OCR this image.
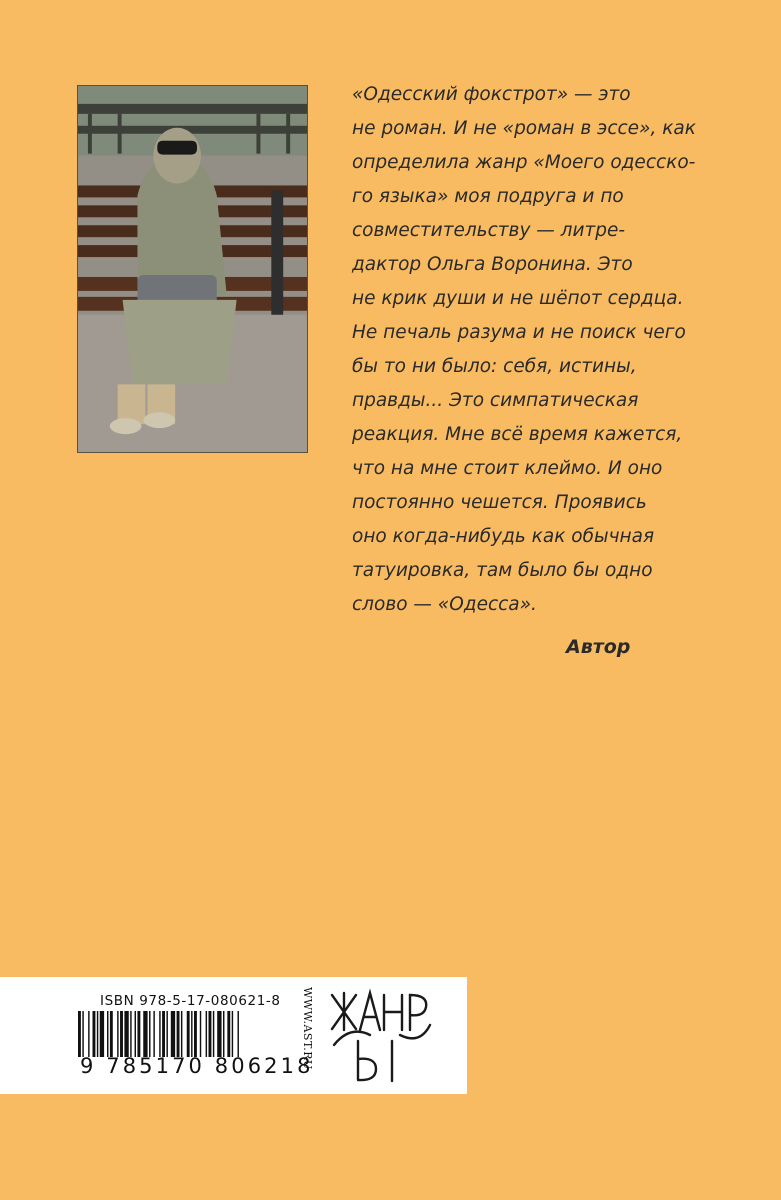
«Одесский фокстрот» — это
не роман. И не «роман в эссе», как
определила жанр «Моего одесско-
го языка» моя подруга и по
совместительству — литре-
дактор Ольга Воронина. Это
не крик души и не шёпот сердца.
Не печаль разума и не поиск чего
бы то ни было: себя, истины,
правды... Это симпатическая
реакция. Мне всё время кажется,
что на мне стоит клеймо. И оно
постоянно чешется. Проявись
оно когда-нибудь как обычная
татуировка, там было бы одно
слово — «Одесса».
Автор
ISBN 978-5-17-080621-8
9 785170 806218
WWW.AST.RU
